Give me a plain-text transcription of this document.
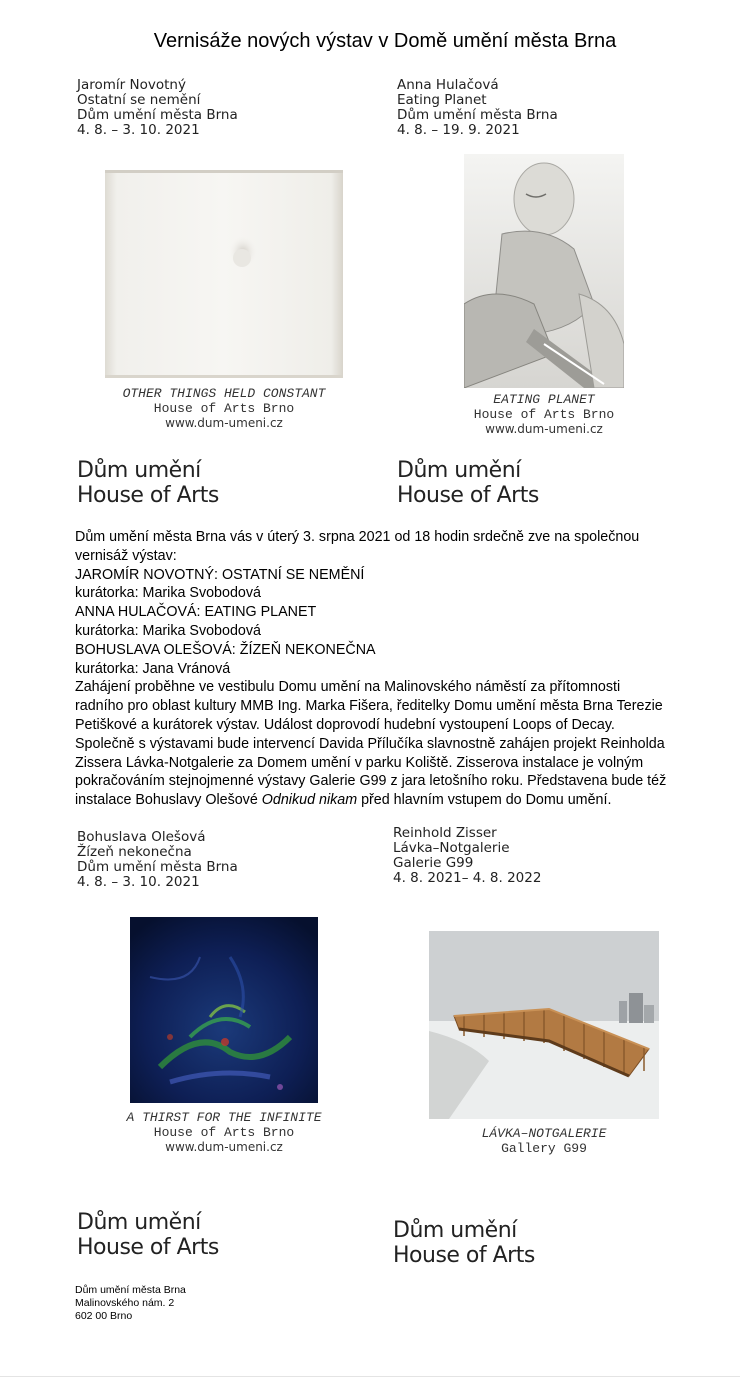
Vernisáže nových výstav v Domě umění města Brna
Jaromír Novotný
Ostatní se nemění
Dům umění města Brna
4. 8. – 3. 10. 2021
OTHER THINGS HELD CONSTANT
House of Arts Brno
www.dum-umeni.cz
Dům umění
House of Arts
Anna Hulačová
Eating Planet
Dům umění města Brna
4. 8. – 19. 9. 2021
EATING PLANET
House of Arts Brno
www.dum-umeni.cz
Dům umění
House of Arts
Dům umění města Brna vás v úterý 3. srpna 2021 od 18 hodin srdečně zve na společnou
vernisáž výstav:
JAROMÍR NOVOTNÝ: OSTATNÍ SE NEMĚNÍ
kurátorka: Marika Svobodová
ANNA HULAČOVÁ: EATING PLANET
kurátorka: Marika Svobodová
BOHUSLAVA OLEŠOVÁ: ŽÍZEŇ NEKONEČNA
kurátorka: Jana Vránová
Zahájení proběhne ve vestibulu Domu umění na Malinovského náměstí za přítomnosti
radního pro oblast kultury MMB Ing. Marka Fišera, ředitelky Domu umění města Brna Terezie
Petiškové a kurátorek výstav. Událost doprovodí hudební vystoupení Loops of Decay.
Společně s výstavami bude intervencí Davida Přílučíka slavnostně zahájen projekt Reinholda
Zissera Lávka-Notgalerie za Domem umění v parku Koliště. Zisserova instalace je volným
pokračováním stejnojmenné výstavy Galerie G99 z jara letošního roku. Představena bude též
instalace Bohuslavy Olešové Odnikud nikam před hlavním vstupem do Domu umění.
Bohuslava Olešová
Žízeň nekonečna
Dům umění města Brna
4. 8. – 3. 10. 2021
A THIRST FOR THE INFINITE
House of Arts Brno
www.dum-umeni.cz
Dům umění
House of Arts
Reinhold Zisser
Lávka–Notgalerie
Galerie G99
4. 8. 2021– 4. 8. 2022
LÁVKA–NOTGALERIE
Gallery G99
Dům umění
House of Arts
Dům umění města Brna
Malinovského nám. 2
602 00 Brno
